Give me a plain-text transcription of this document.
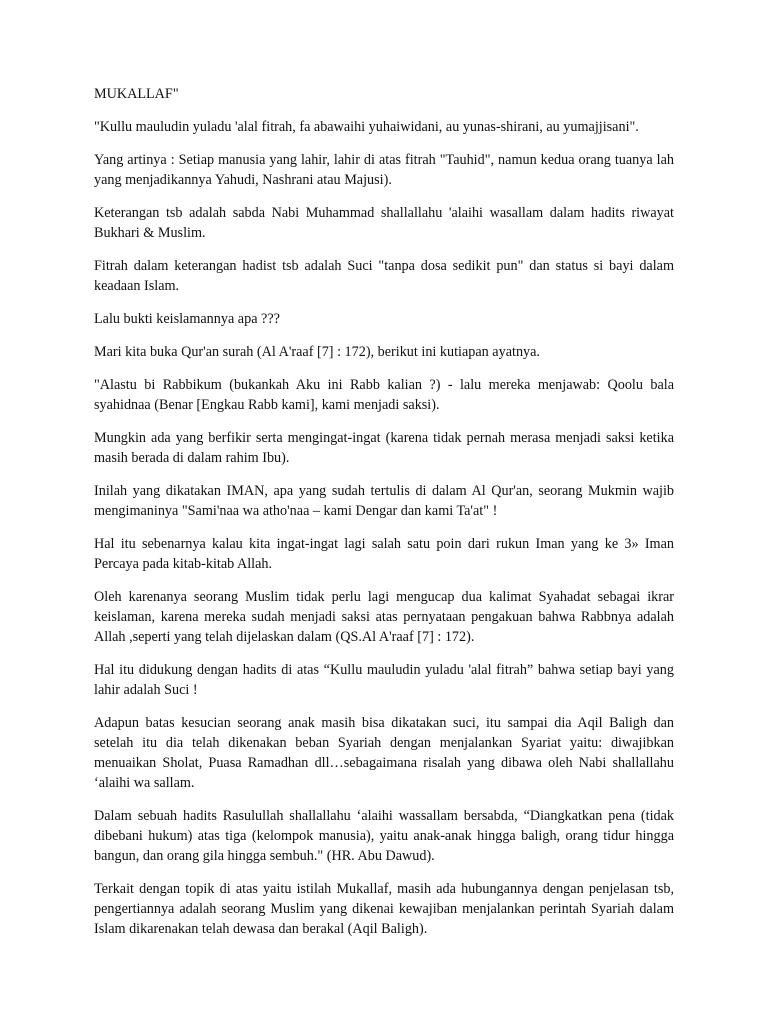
MUKALLAF"

"Kullu mauludin yuladu 'alal fitrah, fa abawaihi yuhaiwidani, au yunas-shirani, au yumajjisani".

Yang artinya : Setiap manusia yang lahir, lahir di atas fitrah "Tauhid", namun kedua orang tuanya lah yang menjadikannya Yahudi, Nashrani atau Majusi).

Keterangan tsb adalah sabda Nabi Muhammad shallallahu 'alaihi wasallam dalam hadits riwayat Bukhari & Muslim.

Fitrah dalam keterangan hadist tsb adalah Suci "tanpa dosa sedikit pun" dan status si bayi dalam keadaan Islam.

Lalu bukti keislamannya apa ???

Mari kita buka Qur'an surah (Al A'raaf [7] : 172), berikut ini kutiapan ayatnya.

"Alastu bi Rabbikum (bukankah Aku ini Rabb kalian ?) - lalu mereka menjawab: Qoolu bala syahidnaa (Benar [Engkau Rabb kami], kami menjadi saksi).

Mungkin ada yang berfikir serta mengingat-ingat (karena tidak pernah merasa menjadi saksi ketika masih berada di dalam rahim Ibu).

Inilah yang dikatakan IMAN, apa yang sudah tertulis di dalam Al Qur'an, seorang Mukmin wajib mengimaninya "Sami'naa wa atho'naa – kami Dengar dan kami Ta'at" !

Hal itu sebenarnya kalau kita ingat-ingat lagi salah satu poin dari rukun Iman yang ke 3» Iman Percaya pada kitab-kitab Allah.

Oleh karenanya seorang Muslim tidak perlu lagi mengucap dua kalimat Syahadat sebagai ikrar keislaman, karena mereka sudah menjadi saksi atas pernyataan pengakuan bahwa Rabbnya adalah Allah ,seperti yang telah dijelaskan dalam (QS.Al A'raaf [7] : 172).

Hal itu didukung dengan hadits di atas “Kullu mauludin yuladu 'alal fitrah” bahwa setiap bayi yang lahir adalah Suci !

Adapun batas kesucian seorang anak masih bisa dikatakan suci, itu sampai dia Aqil Baligh dan setelah itu dia telah dikenakan beban Syariah dengan menjalankan Syariat yaitu: diwajibkan menuaikan Sholat, Puasa Ramadhan dll…sebagaimana risalah yang dibawa oleh Nabi shallallahu ‘alaihi wa sallam.

Dalam sebuah hadits Rasulullah shallallahu ‘alaihi wassallam bersabda, “Diangkatkan pena (tidak dibebani hukum) atas tiga (kelompok manusia), yaitu anak-anak hingga baligh, orang tidur hingga bangun, dan orang gila hingga sembuh." (HR. Abu Dawud).

Terkait dengan topik di atas yaitu istilah Mukallaf, masih ada hubungannya dengan penjelasan tsb, pengertiannya adalah seorang Muslim yang dikenai kewajiban menjalankan perintah Syariah dalam Islam dikarenakan telah dewasa dan berakal (Aqil Baligh).
